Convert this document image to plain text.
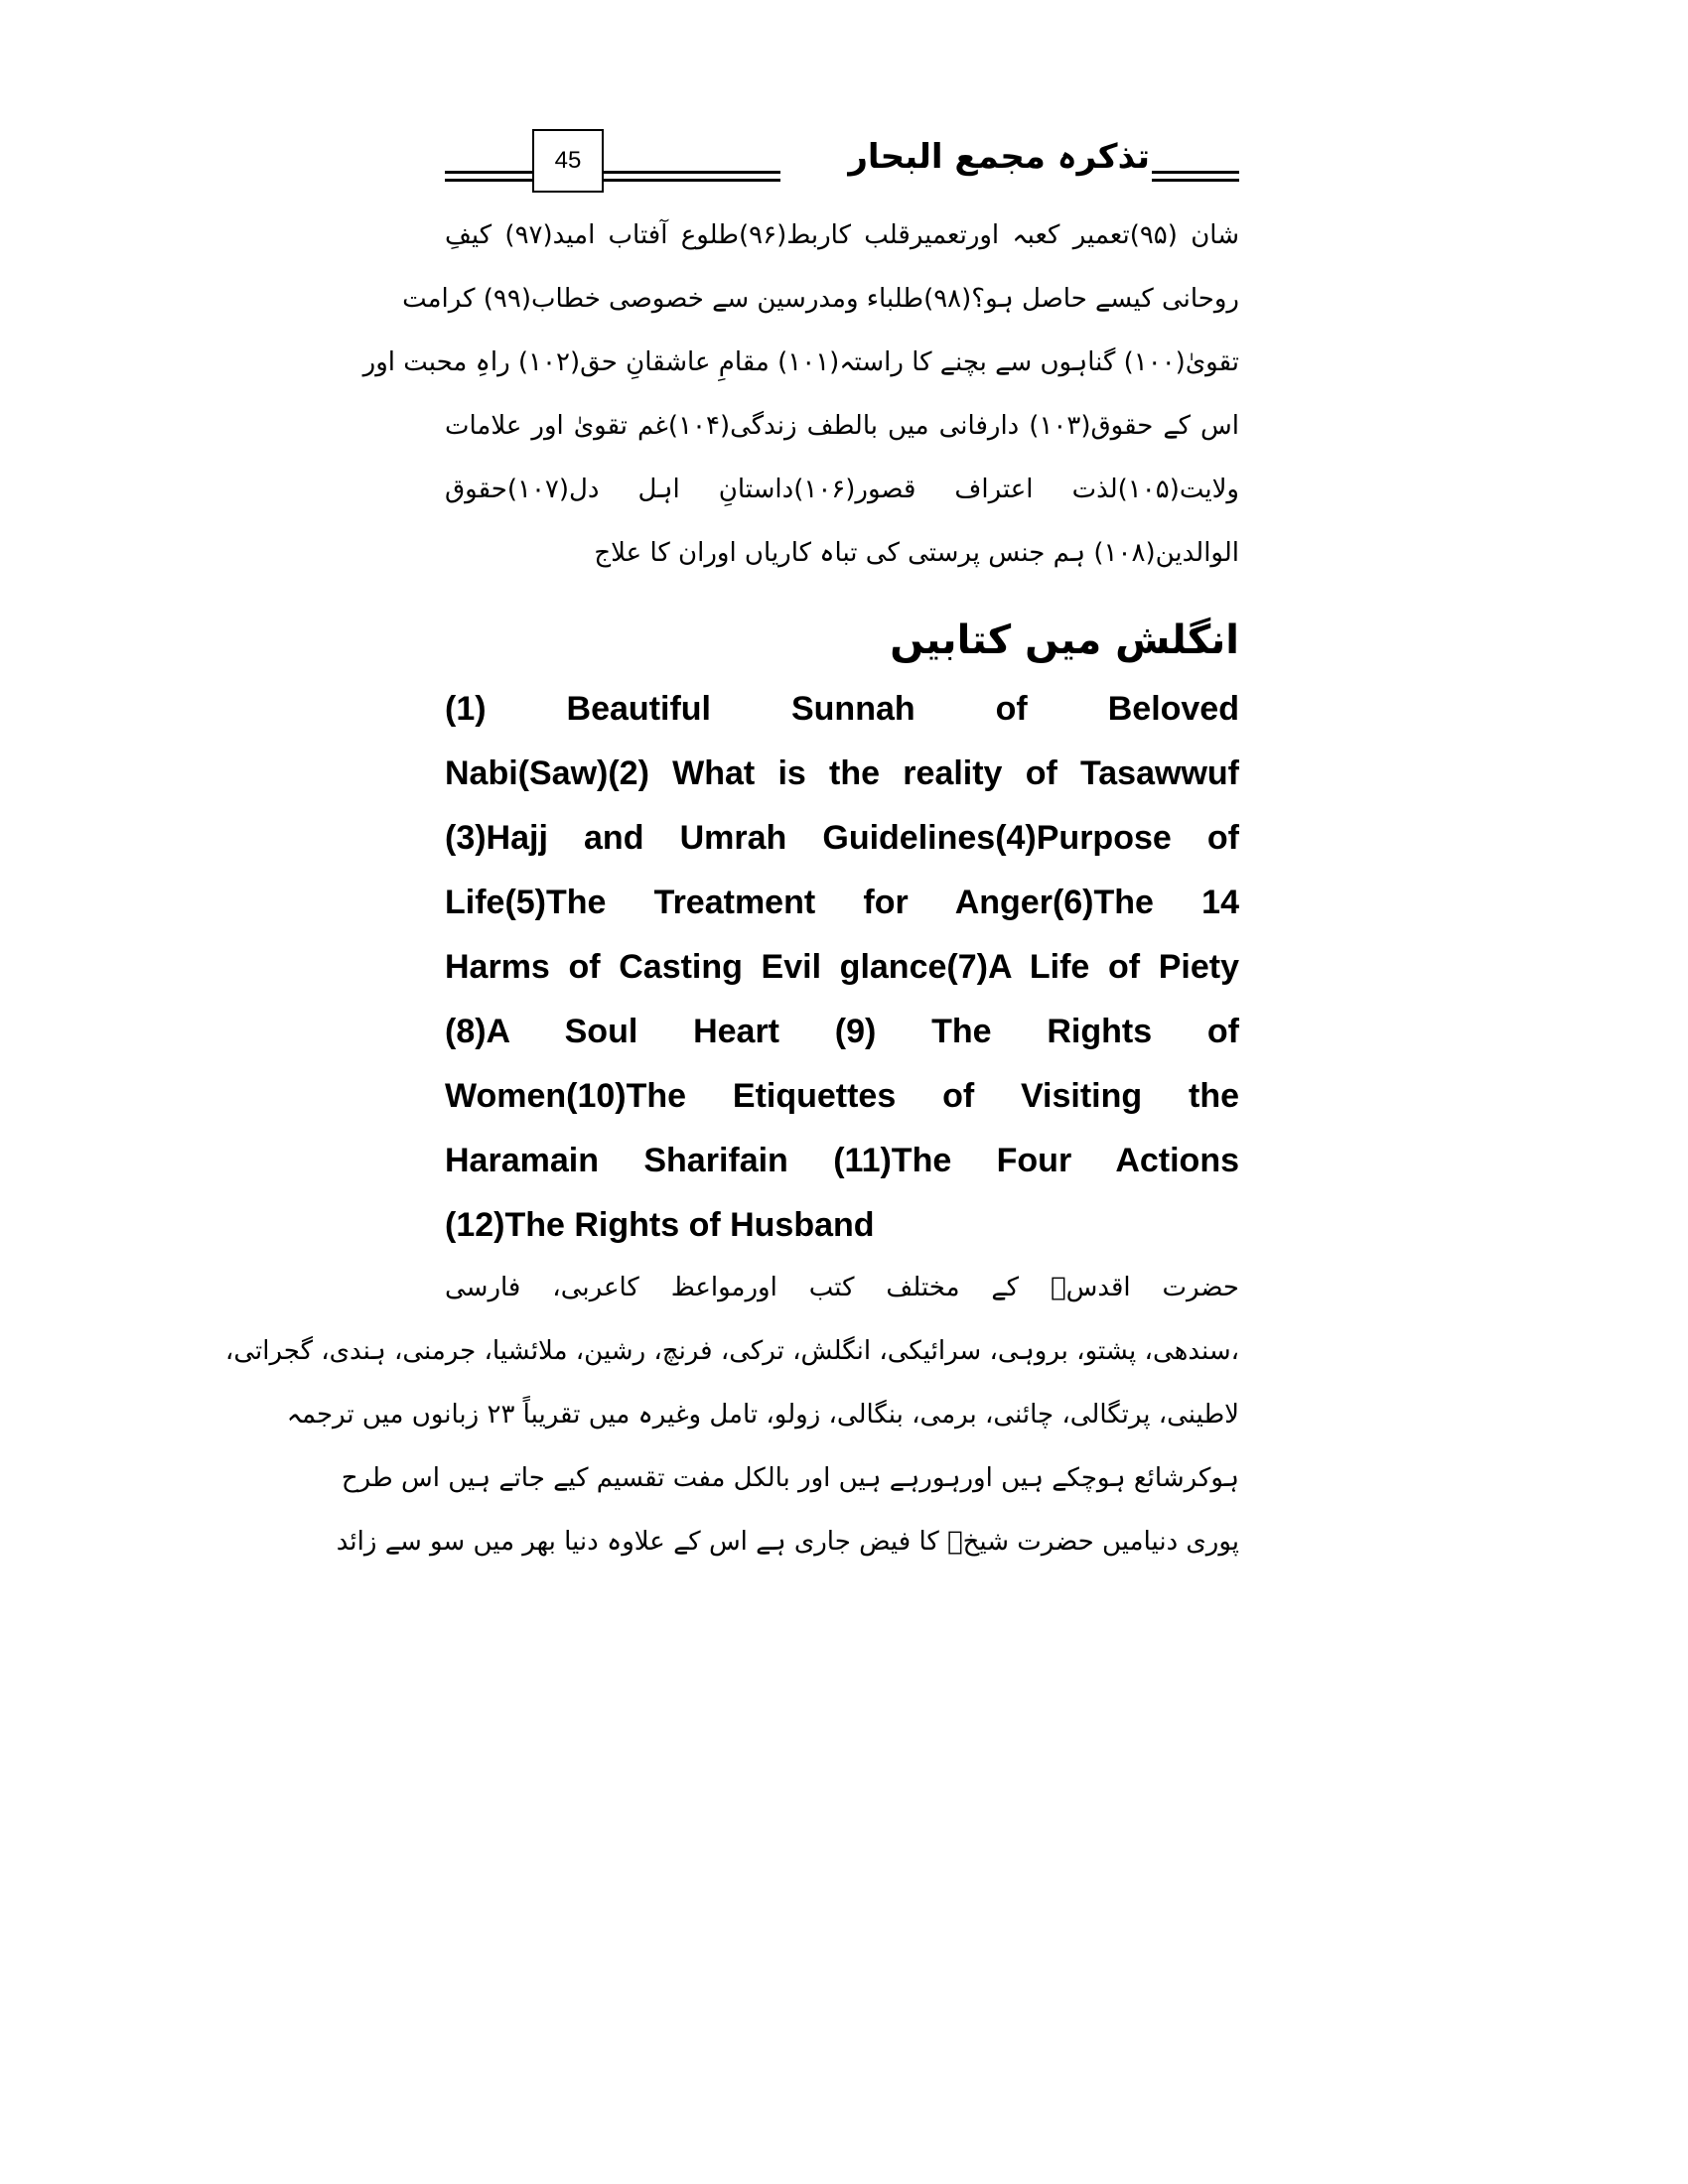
45	تذکرہ مجمع البحار
شان (۹۵)تعمیر کعبہ اورتعمیرقلب کاربط(۹۶)طلوع آفتاب امید(۹۷) کیفِ
روحانی کیسے حاصل ہو؟(۹۸)طلباء ومدرسین سے خصوصی خطاب(۹۹) کرامت
تقویٰ(۱۰۰) گناہوں سے بچنے کا راستہ(۱۰۱) مقامِ عاشقانِ حق(۱۰۲) راہِ محبت اور
اس کے حقوق(۱۰۳) دارفانی میں بالطف زندگی(۱۰۴)غم تقویٰ اور علامات
ولایت(۱۰۵)لذت اعتراف قصور(۱۰۶)داستانِ اہل دل(۱۰۷)حقوق
الوالدین(۱۰۸) ہم جنس پرستی کی تباہ کاریاں اوران کا علاج
انگلش میں کتابیں
(1) Beautiful Sunnah of Beloved
Nabi(Saw)(2) What is the reality of Tasawwuf
(3)Hajj and Umrah Guidelines(4)Purpose of
Life(5)The Treatment for Anger(6)The 14
Harms of Casting Evil glance(7)A Life of Piety
(8)A Soul Heart (9) The Rights of
Women(10)The Etiquettes of Visiting the
Haramain Sharifain (11)The Four Actions
(12)The Rights of Husband
حضرت اقدسؒ کے مختلف کتب اورمواعظ کاعربی، فارسی
،سندھی، پشتو، بروہی، سرائیکی، انگلش، ترکی، فرنچ، رشین، ملائشیا، جرمنی، ہندی، گجراتی،
لاطینی، پرتگالی، چائنی، برمی، بنگالی، زولو، تامل وغیرہ میں تقریباً ۲۳ زبانوں میں ترجمہ
ہوکرشائع ہوچکے ہیں اورہورہے ہیں اور بالکل مفت تقسیم کیے جاتے ہیں اس طرح
پوری دنیامیں حضرت شیخؒ کا فیض جاری ہے اس کے علاوہ دنیا بھر میں سو سے زائد
